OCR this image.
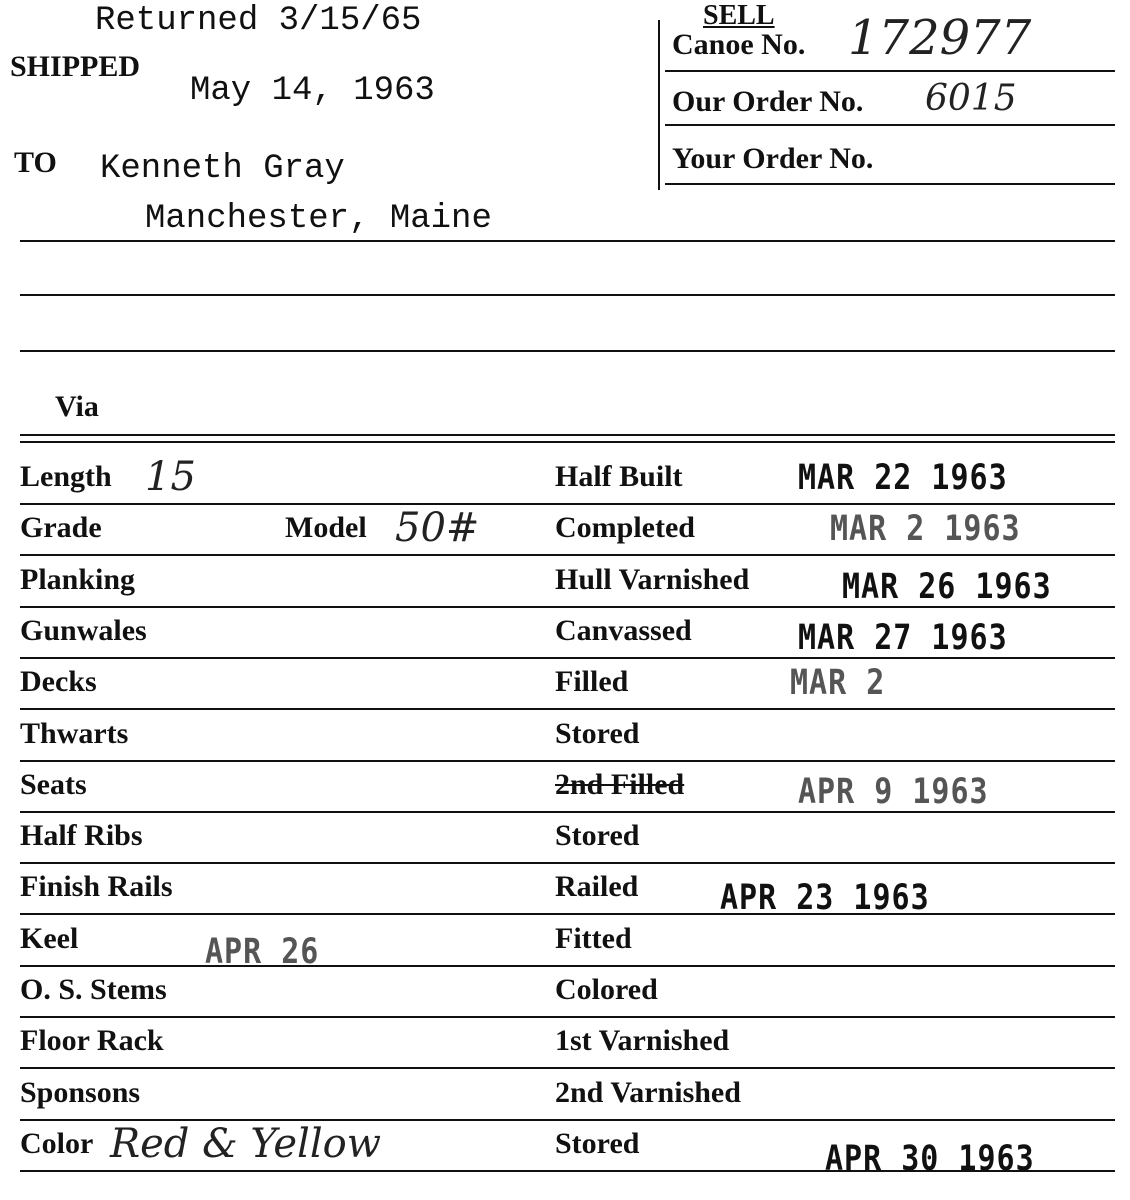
Returned 3/15/65
SHIPPED
May 14, 1963
TO Kenneth Gray
Manchester, Maine
Via
SELL
Canoe No. 172977
Our Order No. 6015
Your Order No.
Length 15	Half Built	MAR 22 1963
Grade	Model 50#	Completed	MAR 2 1963
Planking	Hull Varnished	MAR 26 1963
Gunwales	Canvassed	MAR 27 1963
Decks	Filled	MAR 2
Thwarts	Stored
Seats	2nd Filled	APR 9 1963
Half Ribs	Stored
Finish Rails	Railed	APR 23 1963
Keel	APR 26	Fitted
O. S. Stems	Colored
Floor Rack	1st Varnished
Sponsons	2nd Varnished
Color Red & Yellow	Stored	APR 30 1963
